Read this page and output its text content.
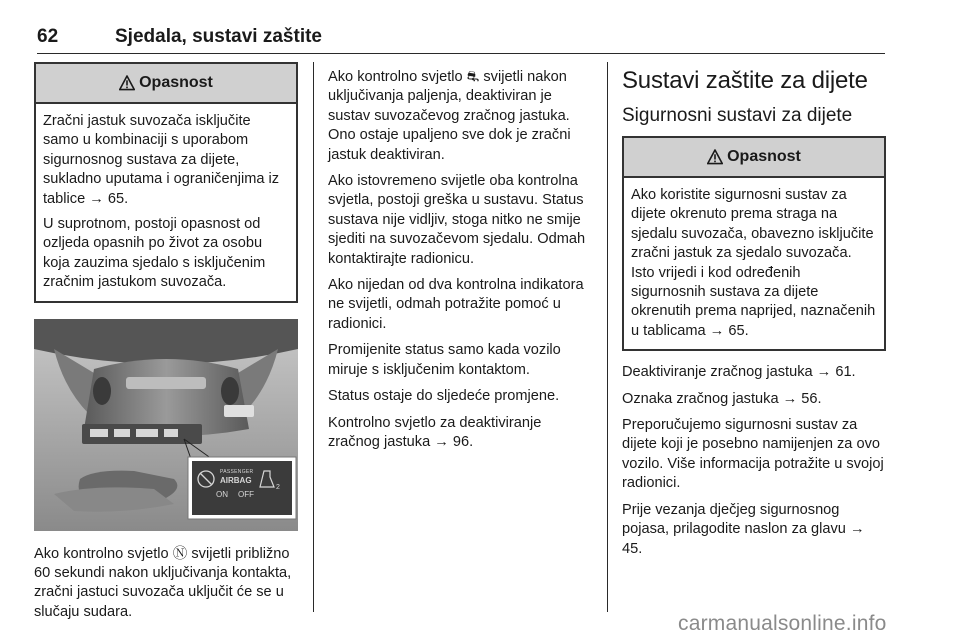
62	Sjedala, sustavi zaštite
Opasnost

Zračni jastuk suvozača isključite samo u kombinaciji s uporabom sigurnosnog sustava za dijete, sukladno uputama i ograničenjima iz tablice → 65.

U suprotnom, postoji opasnost od ozljeda opasnih po život za osobu koja zauzima sjedalo s isključenim zračnim jastukom suvozača.

2
PASSENGER
AIRBAG
ON OFF

Ako kontrolno svjetlo Ⓝ svijetli približno 60 sekundi nakon uključivanja kontakta, zračni jastuci suvozača uključit će se u slučaju sudara.

Ako kontrolno svjetlo ⛐ svijetli nakon uključivanja paljenja, deaktiviran je sustav suvozačevog zračnog jastuka. Ono ostaje upaljeno sve dok je zračni jastuk deaktiviran.

Ako istovremeno svijetle oba kontrolna svjetla, postoji greška u sustavu. Status sustava nije vidljiv, stoga nitko ne smije sjediti na suvozačevom sjedalu. Odmah kontaktirajte radionicu.

Ako nijedan od dva kontrolna indikatora ne svijetli, odmah potražite pomoć u radionici.

Promijenite status samo kada vozilo miruje s isključenim kontaktom.

Status ostaje do sljedeće promjene.

Kontrolno svjetlo za deaktiviranje zračnog jastuka → 96.

Sustavi zaštite za dijete
Sigurnosni sustavi za dijete
Opasnost

Ako koristite sigurnosni sustav za dijete okrenuto prema straga na sjedalu suvozača, obavezno isključite zračni jastuk za sjedalo suvozača. Isto vrijedi i kod određenih sigurnosnih sustava za dijete okrenutih prema naprijed, naznačenih u tablicama → 65.

Deaktiviranje zračnog jastuka → 61.

Oznaka zračnog jastuka → 56.

Preporučujemo sigurnosni sustav za dijete koji je posebno namijenjen za ovo vozilo. Više informacija potražite u svojoj radionici.

Prije vezanja dječjeg sigurnosnog pojasa, prilagodite naslon za glavu → 45.

carmanualsonline.info
